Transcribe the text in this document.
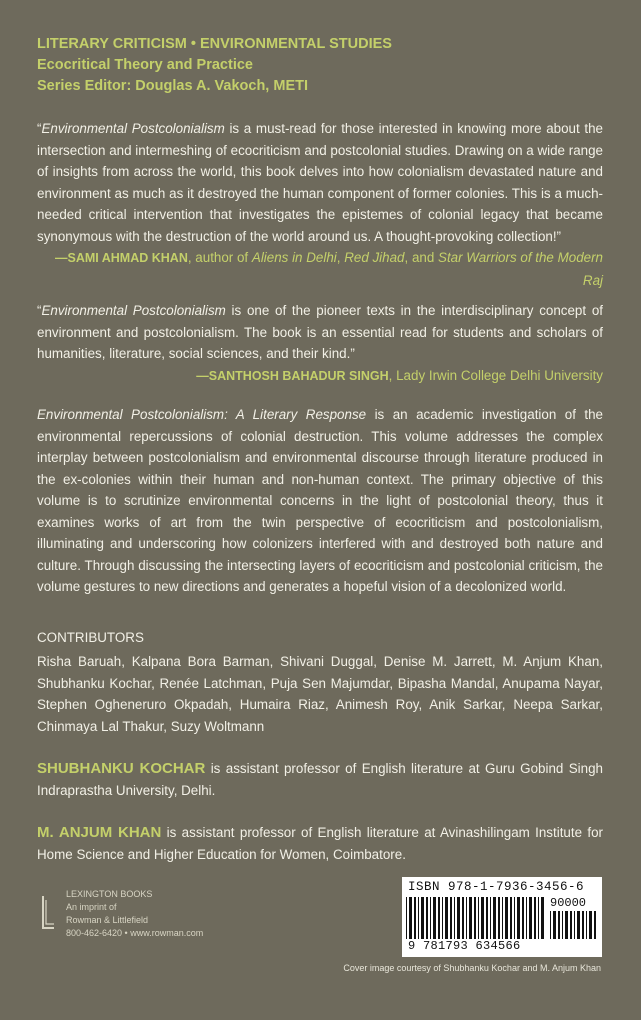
LITERARY CRITICISM • ENVIRONMENTAL STUDIES
Ecocritical Theory and Practice
Series Editor: Douglas A. Vakoch, METI

“Environmental Postcolonialism is a must-read for those interested in knowing more about the intersection and intermeshing of ecocriticism and postcolonial studies. Drawing on a wide range of insights from across the world, this book delves into how colonialism devastated nature and environment as much as it destroyed the human component of former colonies. This is a much-needed critical intervention that investigates the epistemes of colonial legacy that became synonymous with the destruction of the world around us. A thought-provoking collection!”

—SAMI AHMAD KHAN, author of Aliens in Delhi, Red Jihad, and Star Warriors of the Modern Raj

“Environmental Postcolonialism is one of the pioneer texts in the interdisciplinary concept of environment and postcolonialism. The book is an essential read for students and scholars of humanities, literature, social sciences, and their kind.”

—SANTHOSH BAHADUR SINGH, Lady Irwin College Delhi University

Environmental Postcolonialism: A Literary Response is an academic investigation of the environmental repercussions of colonial destruction. This volume addresses the complex interplay between postcolonialism and environmental discourse through literature produced in the ex-colonies within their human and non-human context. The primary objective of this volume is to scrutinize environmental concerns in the light of postcolonial theory, thus it examines works of art from the twin perspective of ecocriticism and postcolonialism, illuminating and underscoring how colonizers interfered with and destroyed both nature and culture. Through discussing the intersecting layers of ecocriticism and postcolonial criticism, the volume gestures to new directions and generates a hopeful vision of a decolonized world.

CONTRIBUTORS
Risha Baruah, Kalpana Bora Barman, Shivani Duggal, Denise M. Jarrett, M. Anjum Khan, Shubhanku Kochar, Renée Latchman, Puja Sen Majumdar, Bipasha Mandal, Anupama Nayar, Stephen Ogheneruro Okpadah, Humaira Riaz, Animesh Roy, Anik Sarkar, Neepa Sarkar, Chinmaya Lal Thakur, Suzy Woltmann

SHUBHANKU KOCHAR is assistant professor of English literature at Guru Gobind Singh Indraprastha University, Delhi.

M. ANJUM KHAN is assistant professor of English literature at Avinashilingam Institute for Home Science and Higher Education for Women, Coimbatore.

LEXINGTON BOOKS
An imprint of
Rowman & Littlefield
800-462-6420 • www.rowman.com
ISBN 978-1-7936-3456-6
90000
9 781793 634566
Cover image courtesy of Shubhanku Kochar and M. Anjum Khan
